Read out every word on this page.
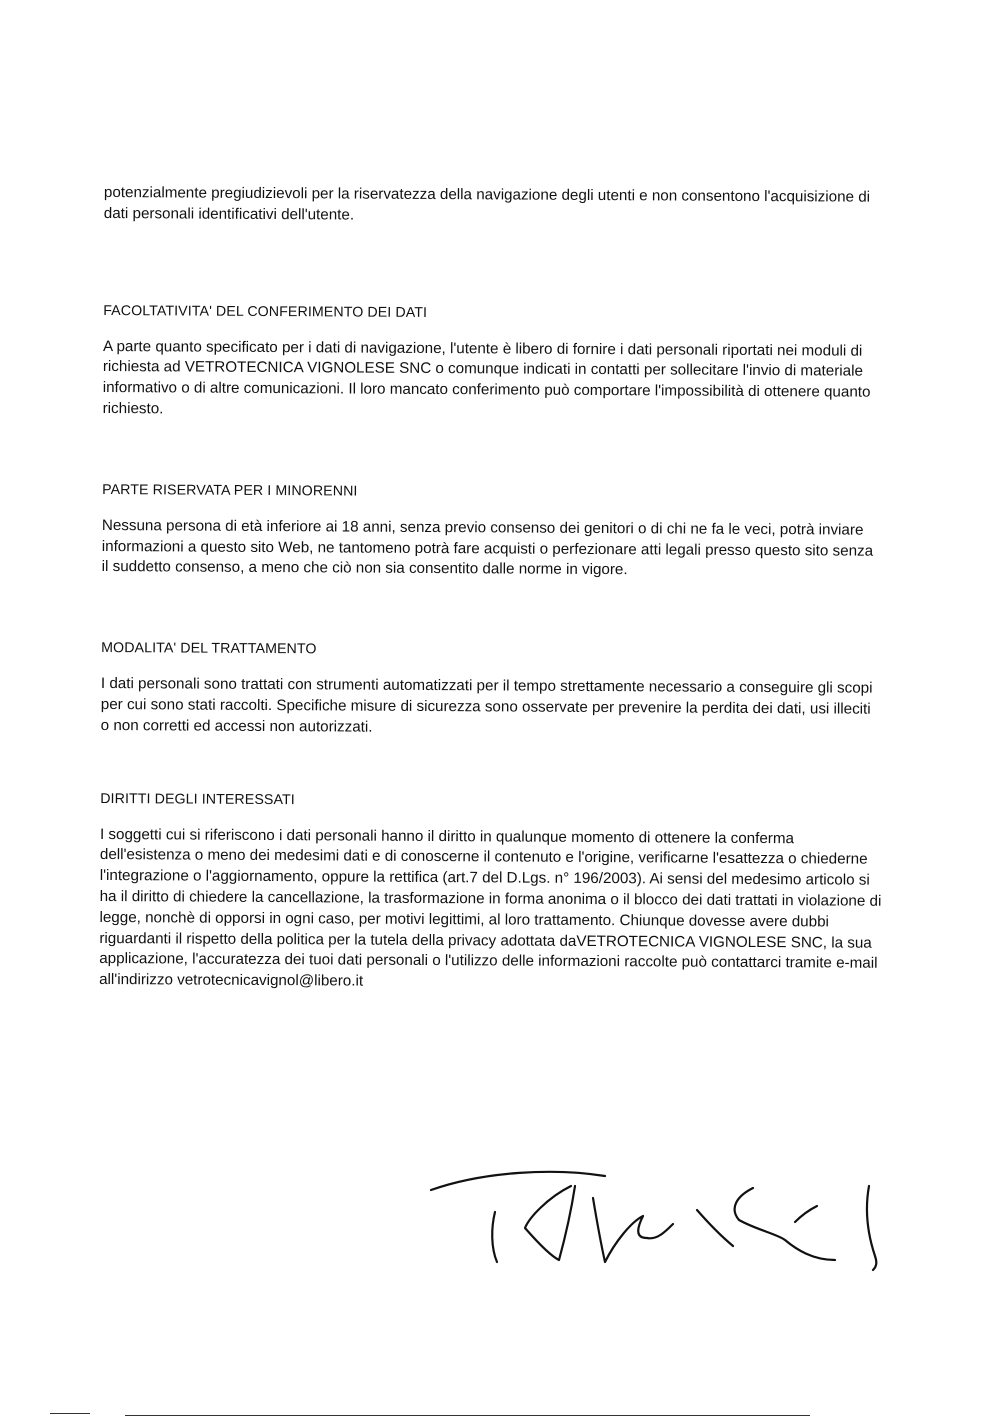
potenzialmente pregiudizievoli per la riservatezza della navigazione degli utenti e non consentono l'acquisizione di dati personali identificativi dell'utente.

FACOLTATIVITA' DEL CONFERIMENTO DEI DATI

A parte quanto specificato per i dati di navigazione, l'utente è libero di fornire i dati personali riportati nei moduli di richiesta ad VETROTECNICA VIGNOLESE SNC o comunque indicati in contatti per sollecitare l'invio di materiale informativo o di altre comunicazioni. Il loro mancato conferimento può comportare l'impossibilità di ottenere quanto richiesto.

PARTE RISERVATA PER I MINORENNI

Nessuna persona di età inferiore ai 18 anni, senza previo consenso dei genitori o di chi ne fa le veci, potrà inviare informazioni a questo sito Web, ne tantomeno potrà fare acquisti o perfezionare atti legali presso questo sito senza il suddetto consenso, a meno che ciò non sia consentito dalle norme in vigore.

MODALITA' DEL TRATTAMENTO

I dati personali sono trattati con strumenti automatizzati per il tempo strettamente necessario a conseguire gli scopi per cui sono stati raccolti. Specifiche misure di sicurezza sono osservate per prevenire la perdita dei dati, usi illeciti o non corretti ed accessi non autorizzati.

DIRITTI DEGLI INTERESSATI

I soggetti cui si riferiscono i dati personali hanno il diritto in qualunque momento di ottenere la conferma dell'esistenza o meno dei medesimi dati e di conoscerne il contenuto e l'origine, verificarne l'esattezza o chiederne l'integrazione o l'aggiornamento, oppure la rettifica (art.7 del D.Lgs. n° 196/2003). Ai sensi del medesimo articolo si ha il diritto di chiedere la cancellazione, la trasformazione in forma anonima o il blocco dei dati trattati in violazione di legge, nonchè di opporsi in ogni caso, per motivi legittimi, al loro trattamento. Chiunque dovesse avere dubbi riguardanti il rispetto della politica per la tutela della privacy adottata daVETROTECNICA VIGNOLESE SNC, la sua applicazione, l'accuratezza dei tuoi dati personali o l'utilizzo delle informazioni raccolte può contattarci tramite e-mail all'indirizzo vetrotecnicavignol@libero.it
